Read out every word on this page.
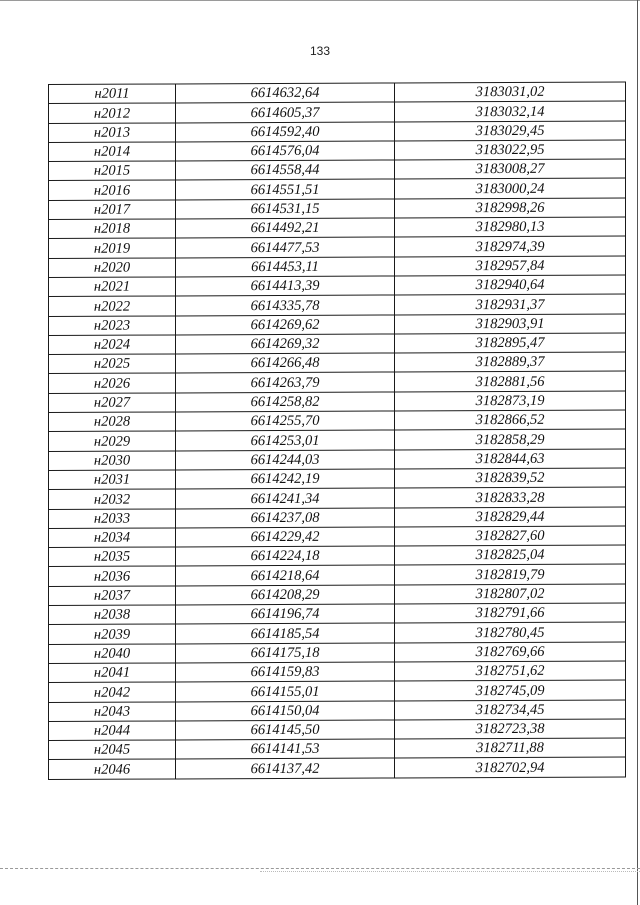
133
н2011	6614632,64	3183031,02
н2012	6614605,37	3183032,14
н2013	6614592,40	3183029,45
н2014	6614576,04	3183022,95
н2015	6614558,44	3183008,27
н2016	6614551,51	3183000,24
н2017	6614531,15	3182998,26
н2018	6614492,21	3182980,13
н2019	6614477,53	3182974,39
н2020	6614453,11	3182957,84
н2021	6614413,39	3182940,64
н2022	6614335,78	3182931,37
н2023	6614269,62	3182903,91
н2024	6614269,32	3182895,47
н2025	6614266,48	3182889,37
н2026	6614263,79	3182881,56
н2027	6614258,82	3182873,19
н2028	6614255,70	3182866,52
н2029	6614253,01	3182858,29
н2030	6614244,03	3182844,63
н2031	6614242,19	3182839,52
н2032	6614241,34	3182833,28
н2033	6614237,08	3182829,44
н2034	6614229,42	3182827,60
н2035	6614224,18	3182825,04
н2036	6614218,64	3182819,79
н2037	6614208,29	3182807,02
н2038	6614196,74	3182791,66
н2039	6614185,54	3182780,45
н2040	6614175,18	3182769,66
н2041	6614159,83	3182751,62
н2042	6614155,01	3182745,09
н2043	6614150,04	3182734,45
н2044	6614145,50	3182723,38
н2045	6614141,53	3182711,88
н2046	6614137,42	3182702,94
